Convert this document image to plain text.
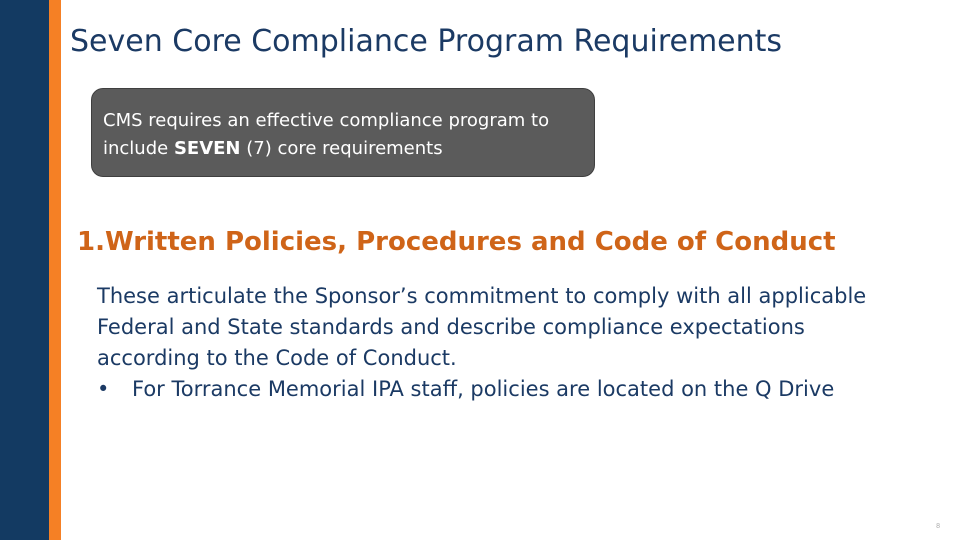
Seven Core Compliance Program Requirements
CMS requires an effective compliance program to include SEVEN (7) core requirements
1.Written Policies, Procedures and Code of Conduct
These articulate the Sponsor’s commitment to comply with all applicable
Federal and State standards and describe compliance expectations
according to the Code of Conduct.
•	For Torrance Memorial IPA staff, policies are located on the Q Drive
8
